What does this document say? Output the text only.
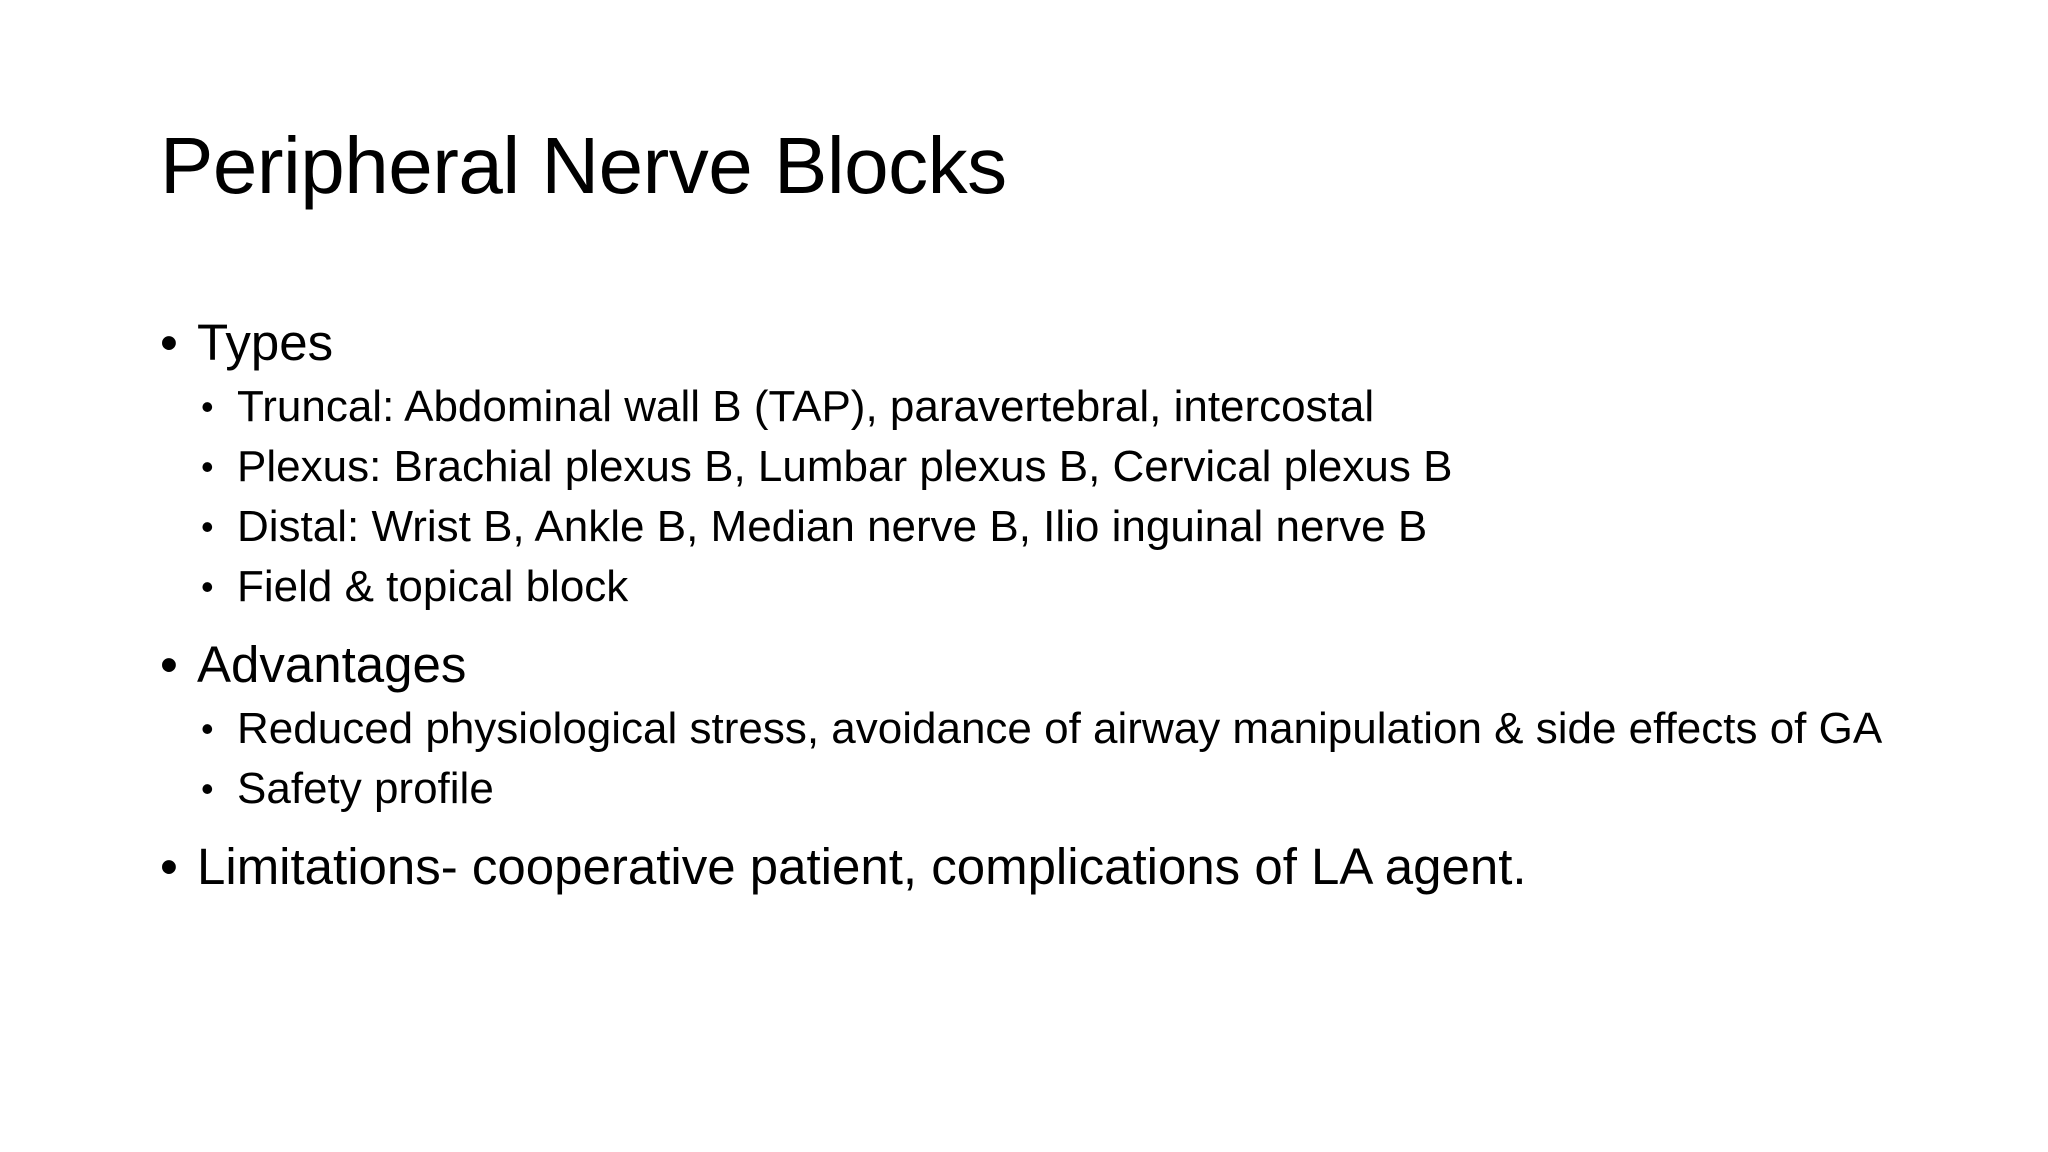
Peripheral Nerve Blocks
• Types
• Truncal: Abdominal wall B (TAP), paravertebral, intercostal
• Plexus: Brachial plexus B, Lumbar plexus B, Cervical plexus B
• Distal: Wrist B, Ankle B, Median nerve B, Ilio inguinal nerve B
• Field & topical block
• Advantages
• Reduced physiological stress, avoidance of airway manipulation & side effects of GA
• Safety profile
• Limitations- cooperative patient, complications of LA agent.
